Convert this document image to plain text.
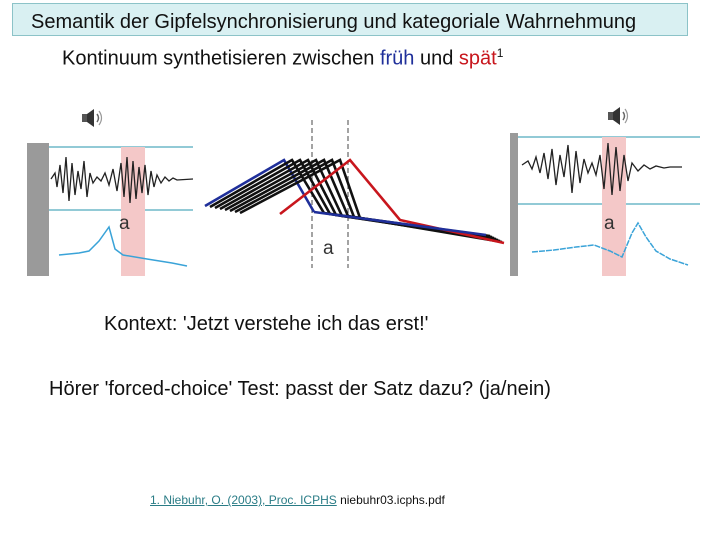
Semantik der Gipfelsynchronisierung und kategoriale Wahrnehmung
Kontinuum synthetisieren zwischen früh und spät$^1$
a	a
a
Kontext: 'Jetzt verstehe ich das erst!'
Hörer 'forced-choice' Test: passt der Satz dazu? (ja/nein)
1. Niebuhr, O. (2003), Proc. ICPHS niebuhr03.icphs.pdf
